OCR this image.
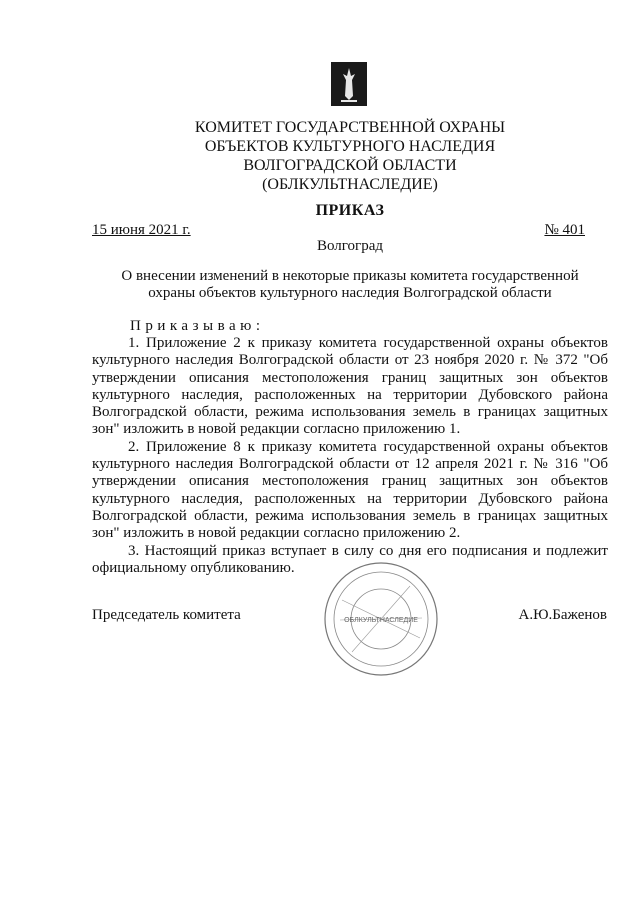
КОМИТЕТ ГОСУДАРСТВЕННОЙ ОХРАНЫ
ОБЪЕКТОВ КУЛЬТУРНОГО НАСЛЕДИЯ
ВОЛГОГРАДСКОЙ ОБЛАСТИ
(ОБЛКУЛЬТНАСЛЕДИЕ)
ПРИКАЗ
15 июня 2021 г.	№ 401
Волгоград
О внесении изменений в некоторые приказы комитета государственной
охраны объектов культурного наследия Волгоградской области
Приказываю:

1. Приложение 2 к приказу комитета государственной охраны объектов культурного наследия Волгоградской области от 23 ноября 2020 г. № 372 "Об утверждении описания местоположения границ защитных зон объектов культурного наследия, расположенных на территории Дубовского района Волгоградской области, режима использования земель в границах защитных зон" изложить в новой редакции согласно приложению 1.

2. Приложение 8 к приказу комитета государственной охраны объектов культурного наследия Волгоградской области от 12 апреля 2021 г. № 316 "Об утверждении описания местоположения границ защитных зон объектов культурного наследия, расположенных на территории Дубовского района Волгоградской области, режима использования земель в границах защитных зон" изложить в новой редакции согласно приложению 2.

3. Настоящий приказ вступает в силу со дня его подписания и подлежит официальному опубликованию.

Председатель комитета	ОБЛКУЛЬТНАСЛЕДИЕ	А.Ю.Баженов
